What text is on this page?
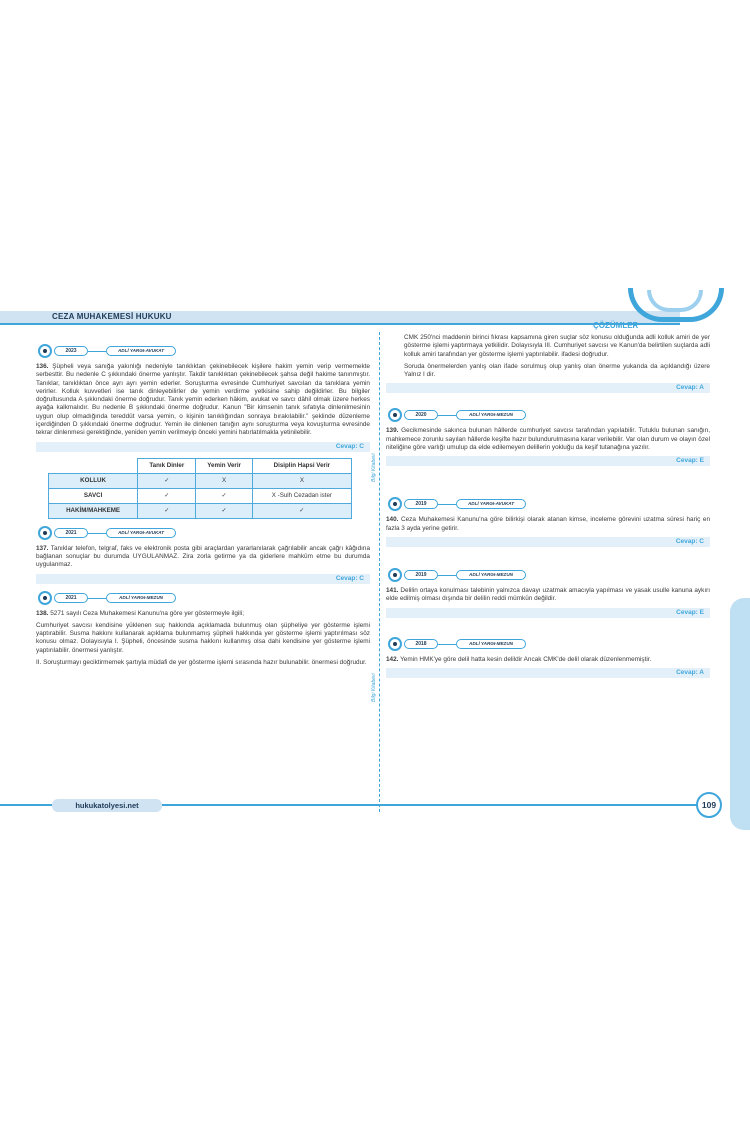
CEZA MUHAKEMESİ HUKUKU
ÇÖZÜMLER
2023	ADLİ YARGI-AVUKAT

136. Şüpheli veya sanığa yakınlığı nedeniyle tanıklıktan çekinebilecek kişilere hakim yemin verip vermemekte serbesttir. Bu nedenle C şıkkındaki önerme yanlıştır. Takdir tanıklıktan çekinebilecek şahsa değil hakime tanınmıştır. Tanıklar, tanıklıktan önce ayrı ayrı yemin ederler. Soruşturma evresinde Cumhuriyet savcıları da tanıklara yemin verirler. Kolluk kuvvetleri ise tanık dinleyebilirler de yemin verdirme yetkisine sahip değildirler. Bu bilgiler doğrultusunda A şıkkındaki önerme doğrudur. Tanık yemin ederken hâkim, avukat ve savcı dâhil olmak üzere herkes ayağa kalkmalıdır. Bu nedenle B şıkkındaki önerme doğrudur. Kanun "Bir kimsenin tanık sıfatıyla dinlenilmesinin uygun olup olmadığında tereddüt varsa yemin, o kişinin tanıklığından sonraya bırakılabilir." şeklinde düzenleme içerdiğinden D şıkkındaki önerme doğrudur. Yemin ile dinlenen tanığın aynı soruşturma veya kovuşturma evresinde tekrar dinlenmesi gerektiğinde, yeniden yemin verilmeyip önceki yemini hatırlatılmakla yetinilebilir.

Cevap: C
	Tanık Dinler	Yemin Verir	Disiplin Hapsi Verir
KOLLUK	✓	X	X
SAVCI	✓	✓	X -Sulh Cezadan ister
HAKİM/MAHKEME	✓	✓	✓
2021	ADLİ YARGI-AVUKAT

137. Tanıklar telefon, telgraf, faks ve elektronik posta gibi araçlardan yararlanılarak çağrılabilir ancak çağrı kâğıdına bağlanan sonuçlar bu durumda UYGULANMAZ. Zira zorla getirme ya da giderlere mahkûm etme bu durumda uygulanmaz.

Cevap: C
2021	ADLİ YARGI-MEZUN

138. 5271 sayılı Ceza Muhakemesi Kanunu'na göre yer göstermeyle ilgili;

Cumhuriyet savcısı kendisine yüklenen suç hakkında açıklamada bulunmuş olan şüpheliye yer gösterme işlemi yaptırabilir. Susma hakkını kullanarak açıklama bulunmamış şüpheli hakkında yer gösterme işlemi yaptırılması söz konusu olmaz. Dolayısıyla I. Şüpheli, öncesinde susma hakkını kullanmış olsa dahi kendisine yer gösterme işlemi yaptırılabilir. önermesi yanlıştır.

II. Soruşturmayı geciktirmemek şartıyla müdafi de yer gösterme işlemi sırasında hazır bulunabilir. önermesi doğrudur.

Bilgi Kitabevi
Bilgi Kitabevi

CMK 250'nci maddenin birinci fıkrası kapsamına giren suçlar söz konusu olduğunda adli kolluk amiri de yer gösterme işlemi yaptırmaya yetkilidir. Dolayısıyla III. Cumhuriyet savcısı ve Kanun'da belirtilen suçlarda adli kolluk amiri tarafından yer gösterme işlemi yaptırılabilir. ifadesi doğrudur.

Soruda önermelerden yanlış olan ifade sorulmuş olup yanlış olan önerme yukarıda da açıklandığı üzere Yalnız I dir.

Cevap: A
2020	ADLİ YARGI-MEZUN

139. Gecikmesinde sakınca bulunan hâllerde cumhuriyet savcısı tarafından yapılabilir. Tutuklu bulunan sanığın, mahkemece zorunlu sayılan hâllerde keşifte hazır bulundurulmasına karar verilebilir. Var olan durum ve olayın özel niteliğine göre varlığı umulup da elde edilemeyen delillerin yokluğu da keşif tutanağına yazılır.

Cevap: E
2019	ADLİ YARGI-AVUKAT

140. Ceza Muhakemesi Kanunu'na göre bilirkişi olarak atanan kimse, inceleme görevini uzatma süresi hariç en fazla 3 ayda yerine getirir.

Cevap: C
2019	ADLİ YARGI-MEZUN

141. Delilin ortaya konulması talebinin yalnızca davayı uzatmak amacıyla yapılması ve yasak usulle kanuna aykırı elde edilmiş olması dışında bir delilin reddi mümkün değildir.

Cevap: E
2018	ADLİ YARGI-MEZUN

142. Yemin HMK'ye göre delil hatta kesin delildir Ancak CMK'de delil olarak düzenlenmemiştir.

Cevap: A
hukukatolyesi.net	109
